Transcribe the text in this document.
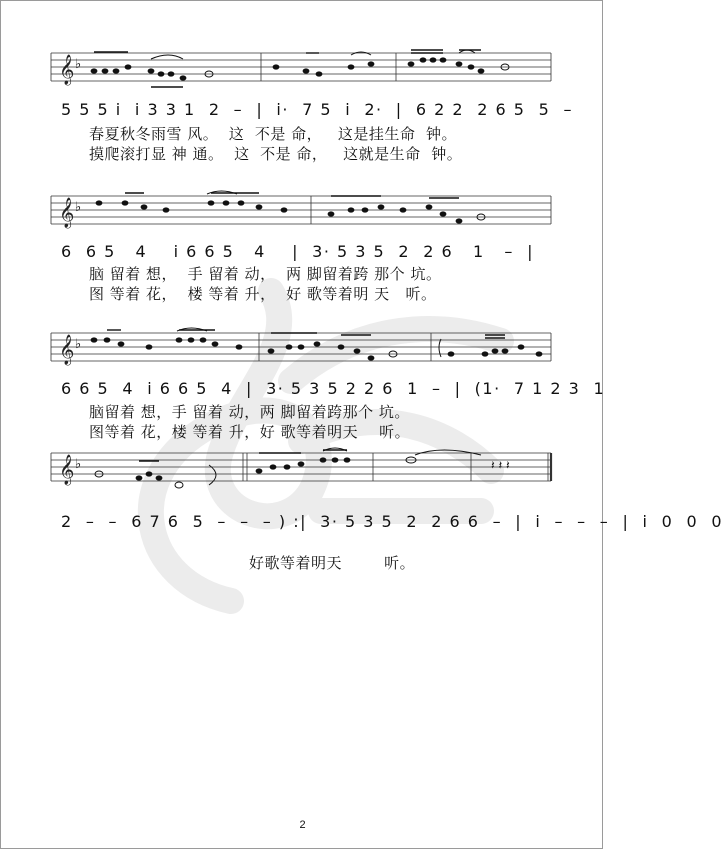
𝄞 ♭
5 5 5 i  i 3 3 1  2  –  |  i·  7 5  i  2·  |  6 2 2  2 6 5  5  –
春夏秋冬雨雪 风。  这  不是 命，   这是挂生命  钟。
摸爬滚打显 神 通。  这  不是 命，   这就是生命  钟。
𝄞 ♭
6  6 5   4    i 6 6 5   4    |  3· 5 3 5  2  2 6   1   –  |
脑 留着 想，  手 留着 动，  两 脚留着跨 那个 坑。
图 等着 花，  楼 等着 升，  好 歌等着明 天   听。
𝄞 ♭
6 6 5  4  i 6 6 5  4  |  3· 5 3 5 2 2 6  1  –  |  (1·  7 1 2 3  1
脑留着 想，手 留着 动，两 脚留着跨那个 坑。
图等着 花，楼 等着 升，好 歌等着明天    听。
𝄞 ♭	𝄽 𝄽 𝄽
2  –  –  6 7 6  5  –  –  – ) :|  3· 5 3 5  2  2 6 6  –  |  i  –  –  –  |  i  0  0  0
好歌等着明天        听。
2
